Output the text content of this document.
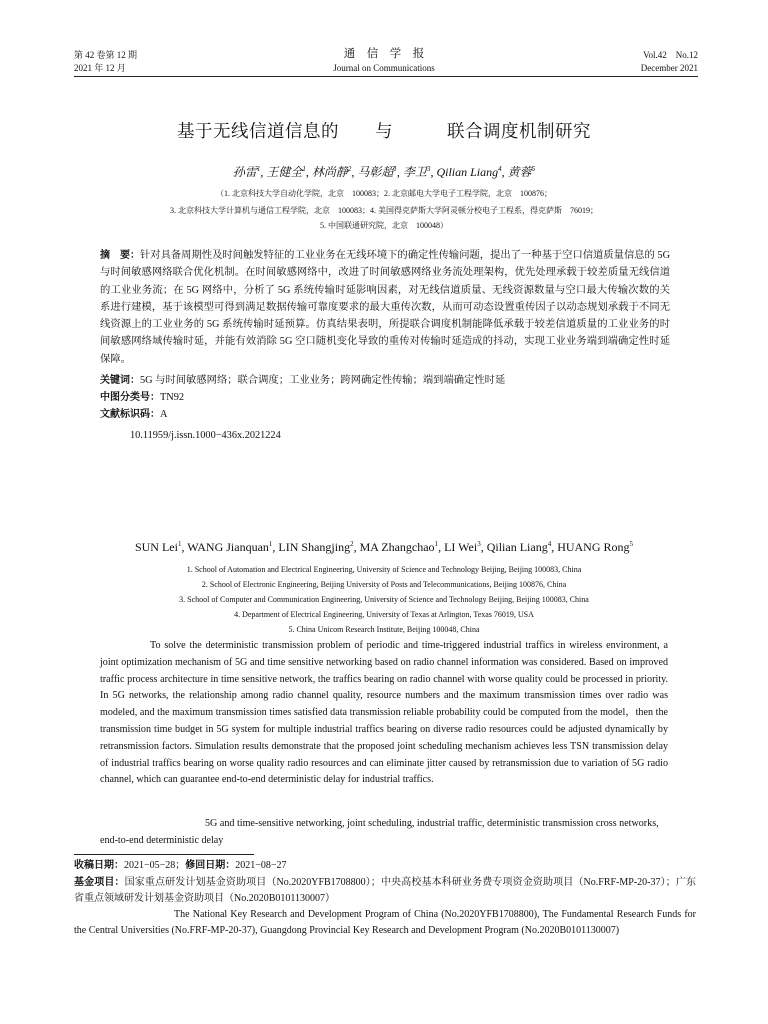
第 42 卷第 12 期
2021 年 12 月
通　信　学　报
Journal on Communications
Vol.42　No.12
December 2021
基于无线信道信息的　　与　　　联合调度机制研究
孙雷$^1$, 王健全$^1$, 林尚静$^2$, 马彰超$^1$, 李卫$^3$, Qilian Liang$^4$, 黄蓉$^5$
（1. 北京科技大学自动化学院，北京　100083；2. 北京邮电大学电子工程学院，北京　100876；
3. 北京科技大学计算机与通信工程学院，北京　100083；4. 美国得克萨斯大学阿灵顿分校电子工程系，得克萨斯　76019；
5. 中国联通研究院，北京　100048）
摘　要：针对具备周期性及时间触发特征的工业业务在无线环境下的确定性传输问题，提出了一种基于空口信道质量信息的 5G 与时间敏感网络联合优化机制。在时间敏感网络中，改进了时间敏感网络业务流处理架构，优先处理承载于较差质量无线信道的工业业务流；在 5G 网络中，分析了 5G 系统传输时延影响因素，对无线信道质量、无线资源数量与空口最大传输次数的关系进行建模，基于该模型可得到满足数据传输可靠度要求的最大重传次数，从而可动态设置重传因子以动态规划承载于不同无线资源上的工业业务的 5G 系统传输时延预算。仿真结果表明，所提联合调度机制能降低承载于较差信道质量的工业业务的时间敏感网络域传输时延，并能有效消除 5G 空口随机变化导致的重传对传输时延造成的抖动，实现工业业务端到端确定性时延保障。
关键词：5G 与时间敏感网络；联合调度；工业业务；跨网确定性传输；端到端确定性时延
中图分类号：TN92
文献标识码：A
10.11959/j.issn.1000−436x.2021224
SUN Lei$^1$, WANG Jianquan$^1$, LIN Shangjing$^2$, MA Zhangchao$^1$, LI Wei$^3$, Qilian Liang$^4$, HUANG Rong$^5$
1. School of Automation and Electrical Engineering, University of Science and Technology Beijing, Beijing 100083, China
2. School of Electronic Engineering, Beijing University of Posts and Telecommunications, Beijing 100876, China
3. School of Computer and Communication Engineering, University of Science and Technology Beijing, Beijing 100083, China
4. Department of Electrical Engineering, University of Texas at Arlington, Texas 76019, USA
5. China Unicom Research Institute, Beijing 100048, China
To solve the deterministic transmission problem of periodic and time-triggered industrial traffics in wireless environment, a joint optimization mechanism of 5G and time sensitive networking based on radio channel information was considered. Based on improved traffic process architecture in time sensitive network, the traffics bearing on radio channel with worse quality could be processed in priority. In 5G networks, the relationship among radio channel quality, resource numbers and the maximum transmission times over radio was modeled, and the maximum transmission times satisfied data transmission reliable probability could be computed from the model，then the transmission time budget in 5G system for multiple industrial traffics bearing on diverse radio resources could be adjusted dynamically by retransmission factors. Simulation results demonstrate that the proposed joint scheduling mechanism achieves less TSN transmission delay of industrial traffics bearing on worse quality radio resources and can eliminate jitter caused by retransmission due to variation of 5G radio channel, which can guarantee end-to-end deterministic delay for industrial traffics.
5G and time-sensitive networking, joint scheduling, industrial traffic, deterministic transmission cross networks, end-to-end deterministic delay
收稿日期：2021−05−28；修回日期：2021−08−27
基金项目：国家重点研发计划基金资助项目（No.2020YFB1708800）；中央高校基本科研业务费专项资金资助项目（No.FRF-MP-20-37）；广东省重点领域研发计划基金资助项目（No.2020B0101130007）
The National Key Research and Development Program of China (No.2020YFB1708800), The Fundamental Research Funds for the Central Universities (No.FRF-MP-20-37), Guangdong Provincial Key Research and Development Program (No.2020B0101130007)
